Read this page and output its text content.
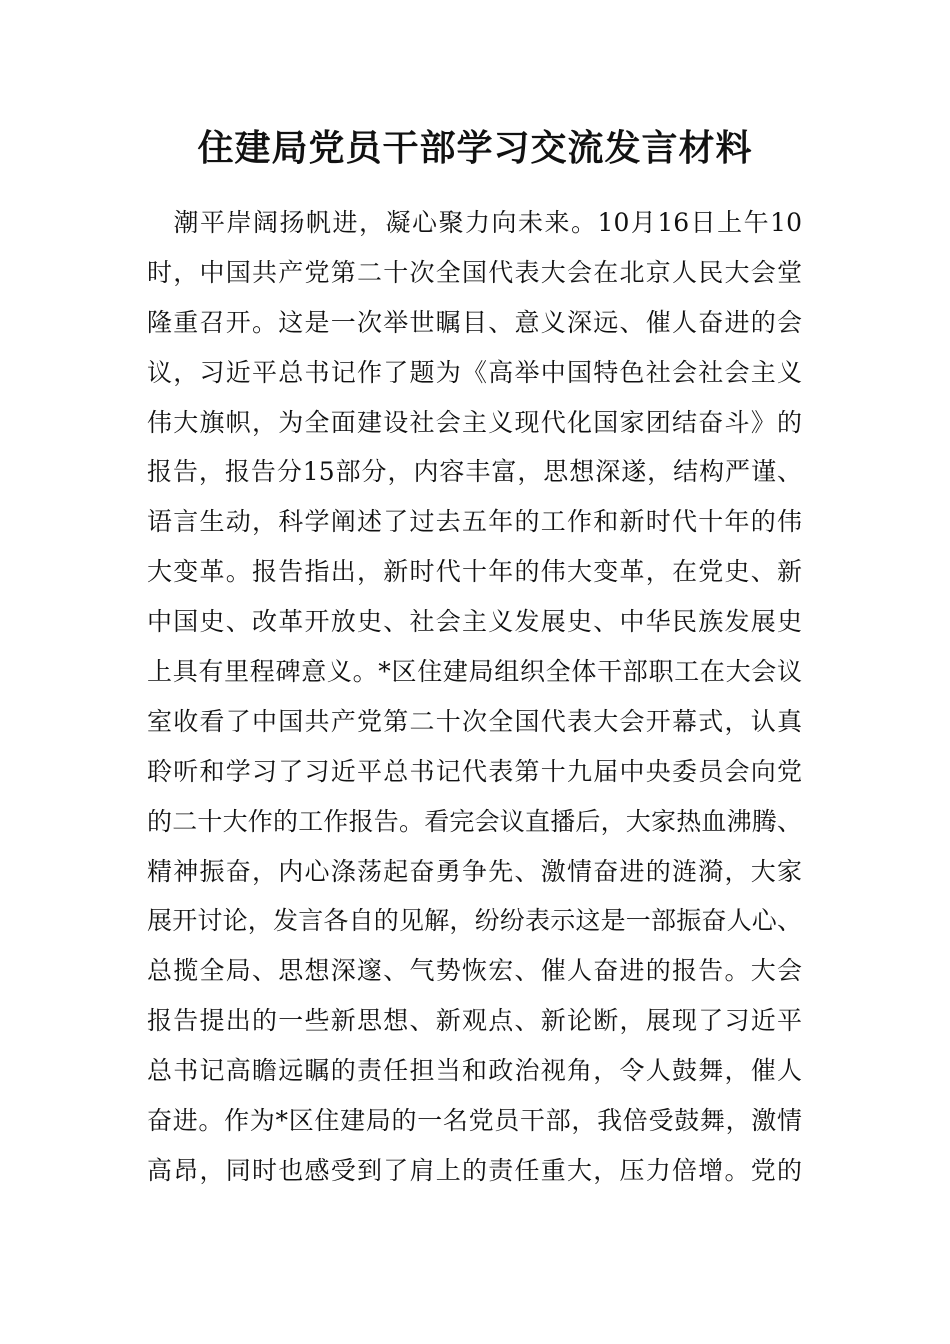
住建局党员干部学习交流发言材料
　潮平岸阔扬帆进，凝心聚力向未来。10月16日上午10
时，中国共产党第二十次全国代表大会在北京人民大会堂
隆重召开。这是一次举世瞩目、意义深远、催人奋进的会
议，习近平总书记作了题为《高举中国特色社会社会主义
伟大旗帜，为全面建设社会主义现代化国家团结奋斗》的
报告，报告分15部分，内容丰富，思想深遂，结构严谨、
语言生动，科学阐述了过去五年的工作和新时代十年的伟
大变革。报告指出，新时代十年的伟大变革，在党史、新
中国史、改革开放史、社会主义发展史、中华民族发展史
上具有里程碑意义。*区住建局组织全体干部职工在大会议
室收看了中国共产党第二十次全国代表大会开幕式，认真
聆听和学习了习近平总书记代表第十九届中央委员会向党
的二十大作的工作报告。看完会议直播后，大家热血沸腾、
精神振奋，内心涤荡起奋勇争先、激情奋进的涟漪，大家
展开讨论，发言各自的见解，纷纷表示这是一部振奋人心、
总揽全局、思想深邃、气势恢宏、催人奋进的报告。大会
报告提出的一些新思想、新观点、新论断，展现了习近平
总书记高瞻远瞩的责任担当和政治视角，令人鼓舞，催人
奋进。作为*区住建局的一名党员干部，我倍受鼓舞，激情
高昂，同时也感受到了肩上的责任重大，压力倍增。党的
